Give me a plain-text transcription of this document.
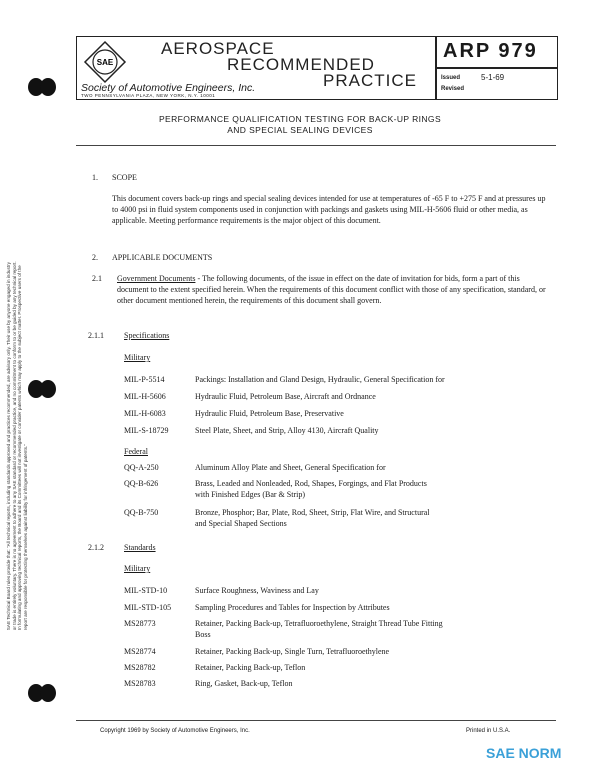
SAE Technical Board rules provide that: "All technical reports, including standards approved and practices recommended, are advisory only. Their use by anyone engaged in industry or trade is entirely voluntary. There is no agreement to adhere to any SAE standard or recommended practice, and no commitment to conform to or be guided by any technical report. In formulating and approving technical reports, the Board and its Committees will not investigate or consider patents which may apply to the subject matter. Prospective users of the report are responsible for protecting themselves against liability for infringement of patents."
SAE
AEROSPACE
RECOMMENDED
PRACTICE
Society of Automotive Engineers, Inc.
TWO PENNSYLVANIA PLAZA, NEW YORK, N.Y. 10001
ARP 979
Issued	5-1-69
Revised
PERFORMANCE QUALIFICATION TESTING FOR BACK-UP RINGS
AND SPECIAL SEALING DEVICES
1. SCOPE
This document covers back-up rings and special sealing devices intended for use at temperatures of -65 F to +275 F and at pressures up to 4000 psi in fluid system components used in conjunction with packings and gaskets using MIL-H-5606 fluid or other media, as applicable. Meeting performance requirements is the major object of this document.
2. APPLICABLE DOCUMENTS
2.1 Government Documents - The following documents, of the issue in effect on the date of invitation for bids, form a part of this document to the extent specified herein. When the requirements of this document conflict with those of any specification, standard, or other document mentioned herein, the requirements of this document shall govern.
2.1.1	Specifications
Military
MIL-P-5514	Packings: Installation and Gland Design, Hydraulic, General Specification for
MIL-H-5606	Hydraulic Fluid, Petroleum Base, Aircraft and Ordnance
MIL-H-6083	Hydraulic Fluid, Petroleum Base, Preservative
MIL-S-18729	Steel Plate, Sheet, and Strip, Alloy 4130, Aircraft Quality
Federal
QQ-A-250	Aluminum Alloy Plate and Sheet, General Specification for
QQ-B-626	Brass, Leaded and Nonleaded, Rod, Shapes, Forgings, and Flat Products
with Finished Edges (Bar & Strip)
QQ-B-750	Bronze, Phosphor; Bar, Plate, Rod, Sheet, Strip, Flat Wire, and Structural
and Special Shaped Sections
2.1.2	Standards
Military
MIL-STD-10	Surface Roughness, Waviness and Lay
MIL-STD-105	Sampling Procedures and Tables for Inspection by Attributes
MS28773	Retainer, Packing Back-up, Tetrafluoroethylene, Straight Thread Tube Fitting
Boss
MS28774	Retainer, Packing Back-up, Single Turn, Tetrafluoroethylene
MS28782	Retainer, Packing Back-up, Teflon
MS28783	Ring, Gasket, Back-up, Teflon
Copyright 1969 by Society of Automotive Engineers, Inc.	Printed in U.S.A.
SAE NORM
